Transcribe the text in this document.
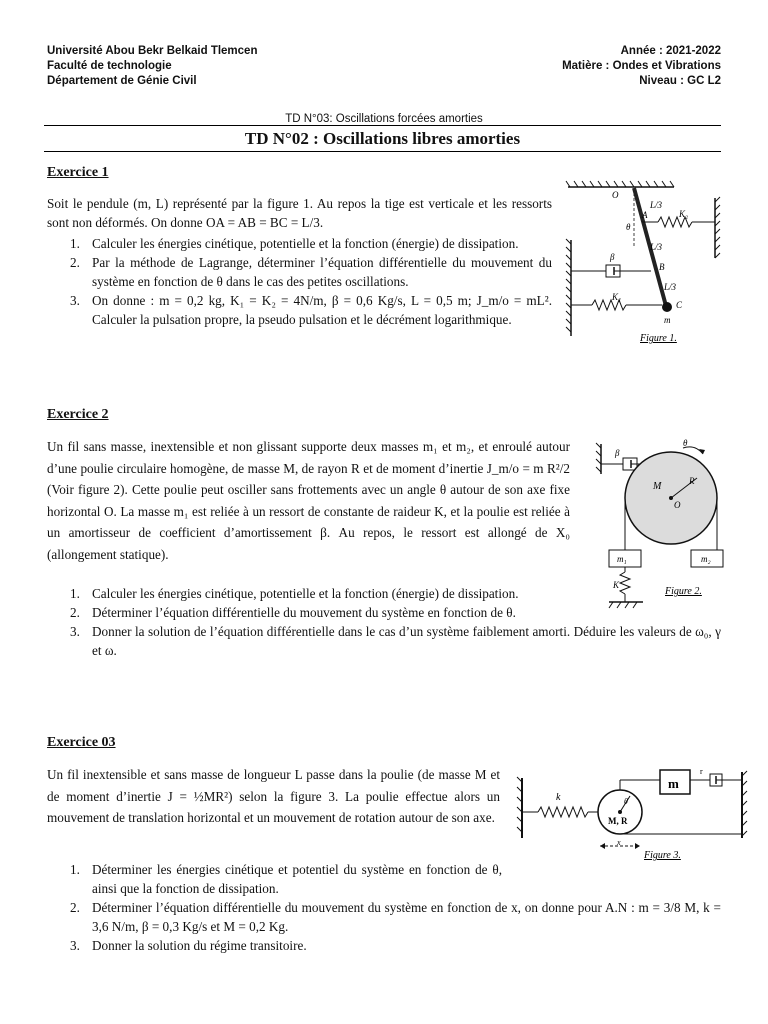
Université Abou Bekr Belkaid Tlemcen
Faculté de technologie
Département de Génie Civil
Année : 2021-2022
Matière : Ondes et Vibrations
Niveau : GC L2
TD N°03: Oscillations forcées amorties
TD N°02 : Oscillations libres amorties
Exercice 1
Soit le pendule (m, L) représenté par la figure 1. Au repos la tige est verticale et les ressorts sont non déformés. On donne OA = AB = BC = L/3.
1. Calculer les énergies cinétique, potentielle et la fonction (énergie) de dissipation.
2. Par la méthode de Lagrange, déterminer l’équation différentielle du mouvement du système en fonction de θ dans le cas des petites oscillations.
3. On donne : m = 0,2 kg, K₁ = K₂ = 4N/m, β = 0,6 Kg/s, L = 0,5 m; J_m/o = mL². Calculer la pulsation propre, la pseudo pulsation et le décrément logarithmique.
O
A
θ
L/3
K₂
L/3
β
B
L/3
K₁
C
m
Figure 1.
Exercice 2
Un fil sans masse, inextensible et non glissant supporte deux masses m₁ et m₂, et enroulé autour d’une poulie circulaire homogène, de masse M, de rayon R et de moment d’inertie J_m/o = m R²/2 (Voir figure 2). Cette poulie peut osciller sans frottements avec un angle θ autour de son axe fixe horizontal O. La masse m₁ est reliée à un ressort de constante de raideur K, et la poulie est reliée à un amortisseur de coefficient d’amortissement β. Au repos, le ressort est allongé de X₀ (allongement statique).
1. Calculer les énergies cinétique, potentielle et la fonction (énergie) de dissipation.
2. Déterminer l’équation différentielle du mouvement du système en fonction de θ.
3. Donner la solution de l’équation différentielle dans le cas d’un système faiblement amorti. Déduire les valeurs de ω₀, γ et ω.
β
θ
M	R
O
m₁	m₂
K
Figure 2.
Exercice 03
Un fil inextensible et sans masse de longueur L passe dans la poulie (de masse M et de moment d’inertie J = ½MR²) selon la figure 3. La poulie effectue alors un mouvement de translation horizontal et un mouvement de rotation autour de son axe.
1. Déterminer les énergies cinétique et potentiel du système en fonction de θ, ainsi que la fonction de dissipation.
2. Déterminer l’équation différentielle du mouvement du système en fonction de x, on donne pour A.N : m = 3/8 M, k = 3,6 N/m, β = 0,3 Kg/s et M = 0,2 Kg.
3. Donner la solution du régime transitoire.
k
m
r
θ
M, R
x
Figure 3.
